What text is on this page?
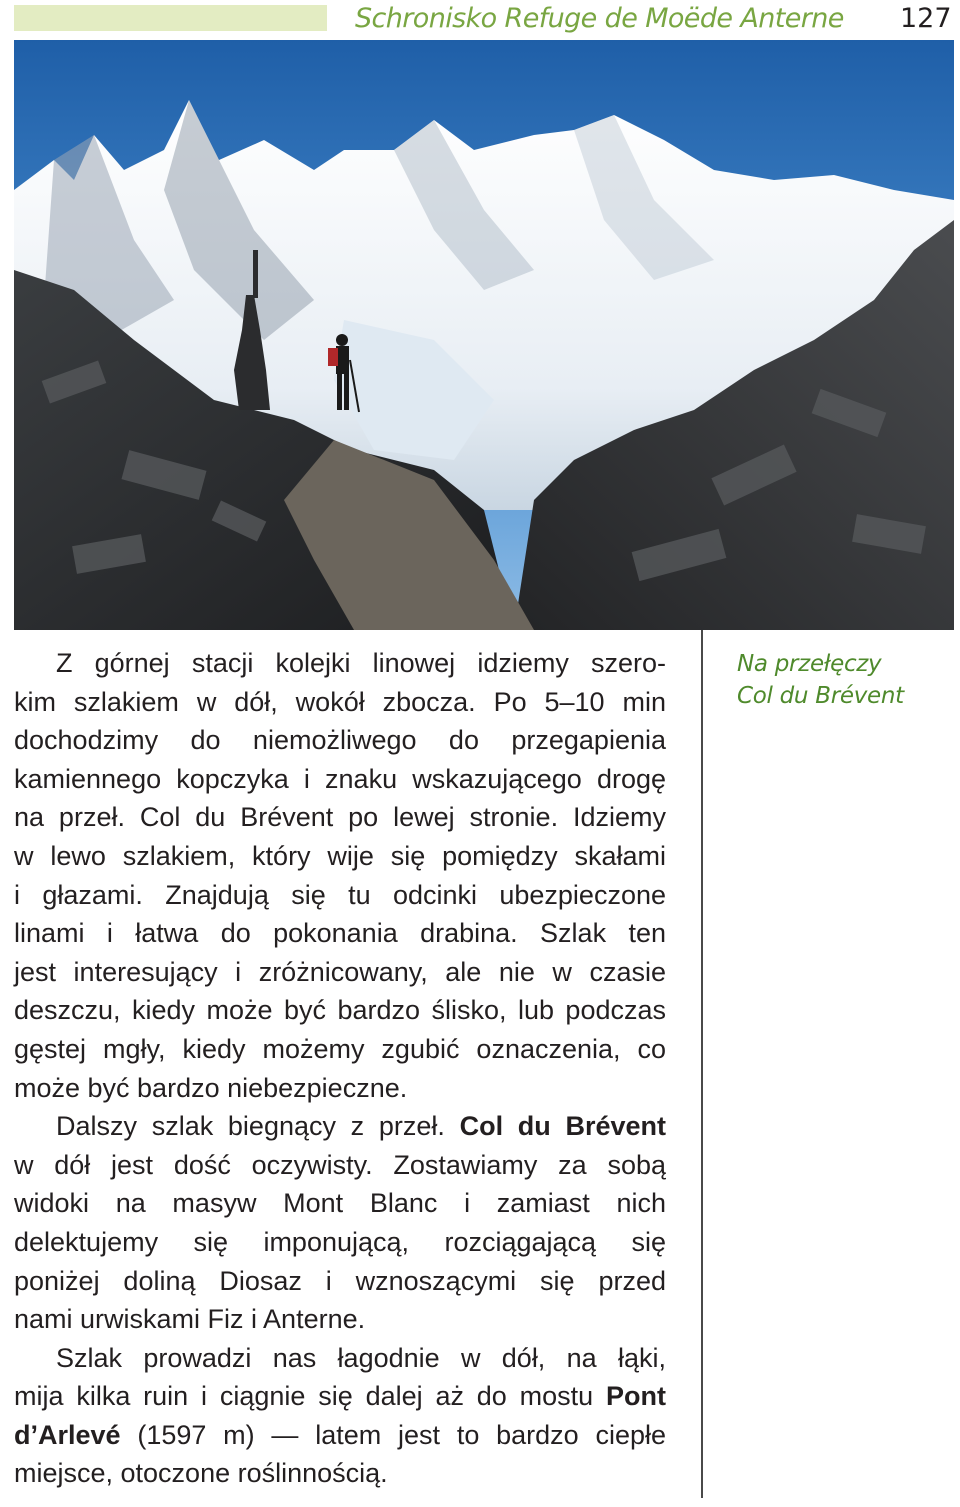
Schronisko Refuge de Moëde Anterne 127
Na przełęczy
Col du Brévent

Z górnej stacji kolejki linowej idziemy szero-
kim szlakiem w dół, wokół zbocza. Po 5–10 min
dochodzimy do niemożliwego do przegapienia
kamiennego kopczyka i znaku wskazującego drogę
na przeł. Col du Brévent po lewej stronie. Idziemy
w lewo szlakiem, który wije się pomiędzy skałami
i głazami. Znajdują się tu odcinki ubezpieczone
linami i łatwa do pokonania drabina. Szlak ten
jest interesujący i zróżnicowany, ale nie w czasie
deszczu, kiedy może być bardzo ślisko, lub podczas
gęstej mgły, kiedy możemy zgubić oznaczenia, co
może być bardzo niebezpieczne.

Dalszy szlak biegnący z przeł. Col du Brévent
w dół jest dość oczywisty. Zostawiamy za sobą
widoki na masyw Mont Blanc i zamiast nich
delektujemy się imponującą, rozciągającą się
poniżej doliną Diosaz i wznoszącymi się przed
nami urwiskami Fiz i Anterne.

Szlak prowadzi nas łagodnie w dół, na łąki,
mija kilka ruin i ciągnie się dalej aż do mostu Pont
d’Arlevé (1597 m) — latem jest to bardzo ciepłe
miejsce, otoczone roślinnością.
